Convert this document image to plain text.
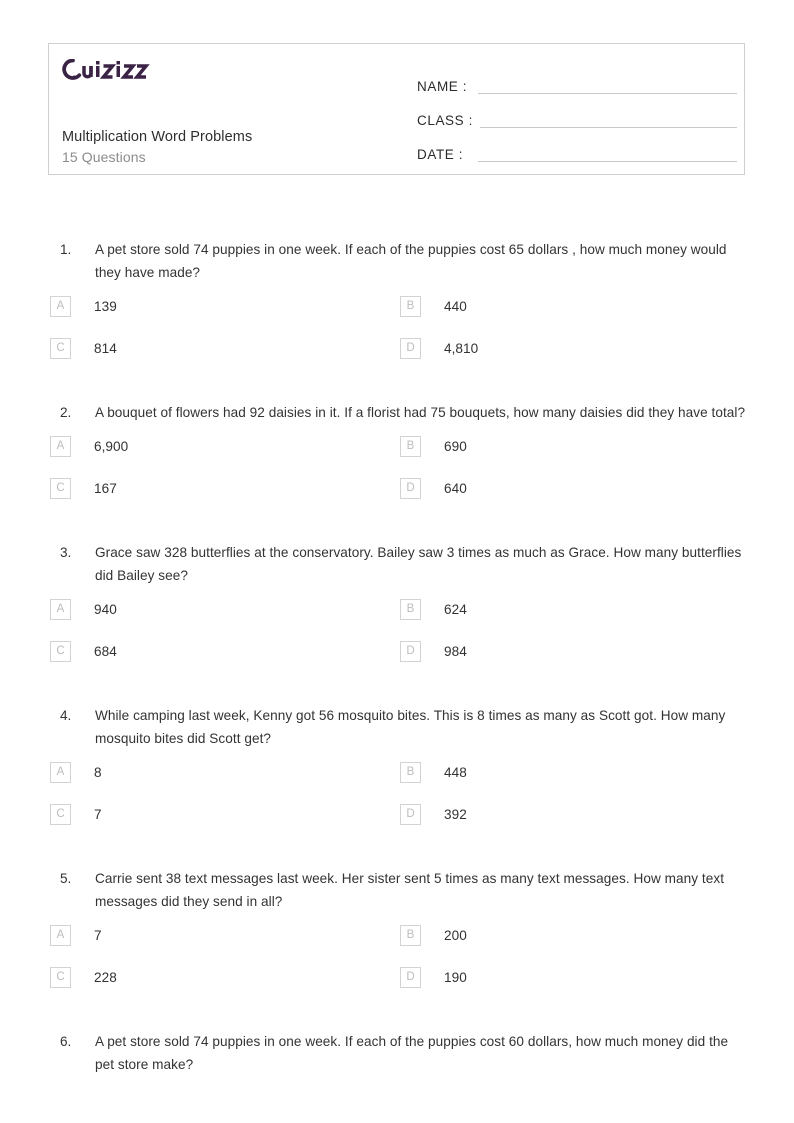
Multiplication Word Problems
15 Questions
NAME :
CLASS :
DATE :
1.	A pet store sold 74 puppies in one week. If each of the puppies cost 65 dollars , how much money would they have made?
A	139	B	440
C	814	D	4,810
2.	A bouquet of flowers had 92 daisies in it. If a florist had 75 bouquets, how many daisies did they have total?
A	6,900	B	690
C	167	D	640
3.	Grace saw 328 butterflies at the conservatory. Bailey saw 3 times as much as Grace. How many butterflies did Bailey see?
A	940	B	624
C	684	D	984
4.	While camping last week, Kenny got 56 mosquito bites. This is 8 times as many as Scott got. How many mosquito bites did Scott get?
A	8	B	448
C	7	D	392
5.	Carrie sent 38 text messages last week. Her sister sent 5 times as many text messages. How many text messages did they send in all?
A	7	B	200
C	228	D	190
6.	A pet store sold 74 puppies in one week. If each of the puppies cost 60 dollars, how much money did the pet store make?
